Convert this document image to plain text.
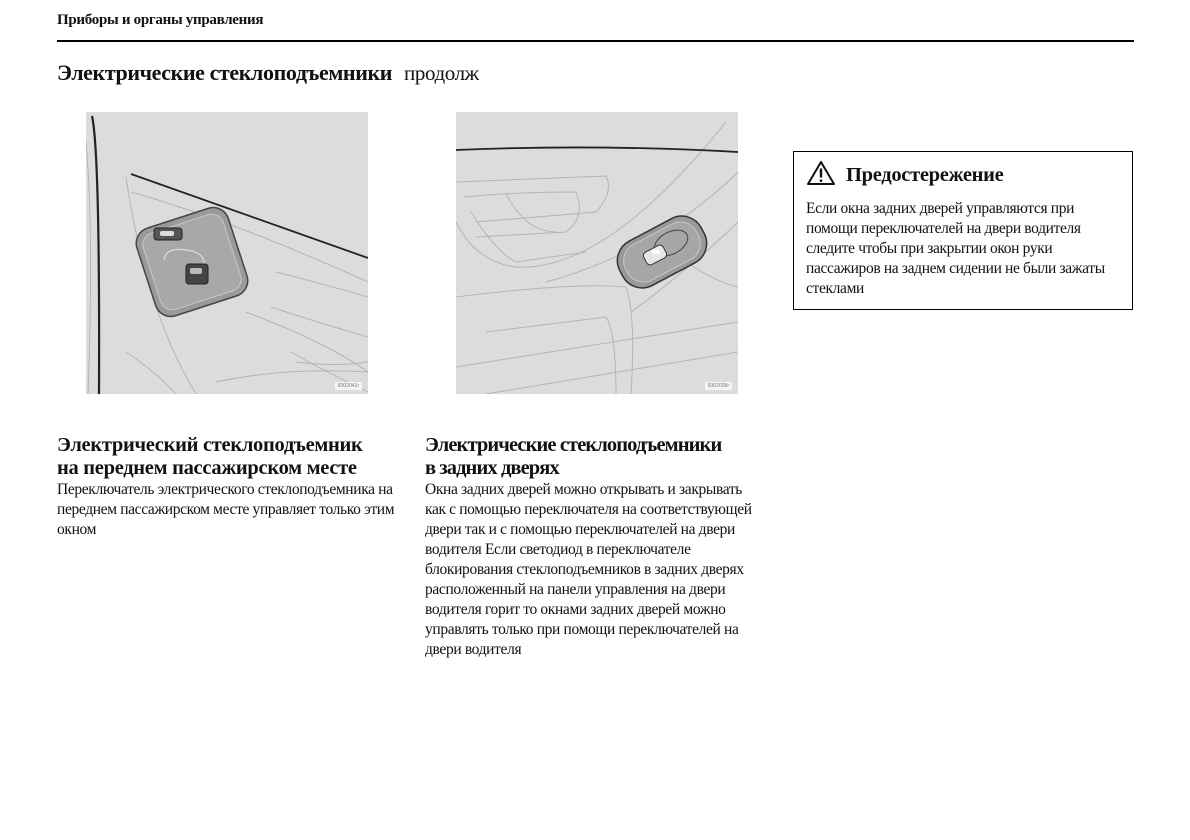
Приборы и органы управления
Электрические стеклоподъемники продолж
8302041r	8302039r
Предостережение
Если окна задних дверей управляются при помощи переключателей на двери водителя следите чтобы при закрытии окон руки пассажиров на заднем сидении не были зажаты стеклами
Электрический стеклоподъемник
на переднем пассажирском месте

Переключатель электрического стеклоподъемника на переднем пассажирском месте управляет только этим окном

Электрические стеклоподъемники
в задних дверях

Окна задних дверей можно открывать и закрывать как с помощью переключателя на соответствующей двери так и с помощью переключателей на двери водителя Если светодиод в переключателе блокирования стеклоподъемников в задних дверях расположенный на панели управления на двери водителя горит то окнами задних дверей можно управлять только при помощи переключателей на двери водителя
